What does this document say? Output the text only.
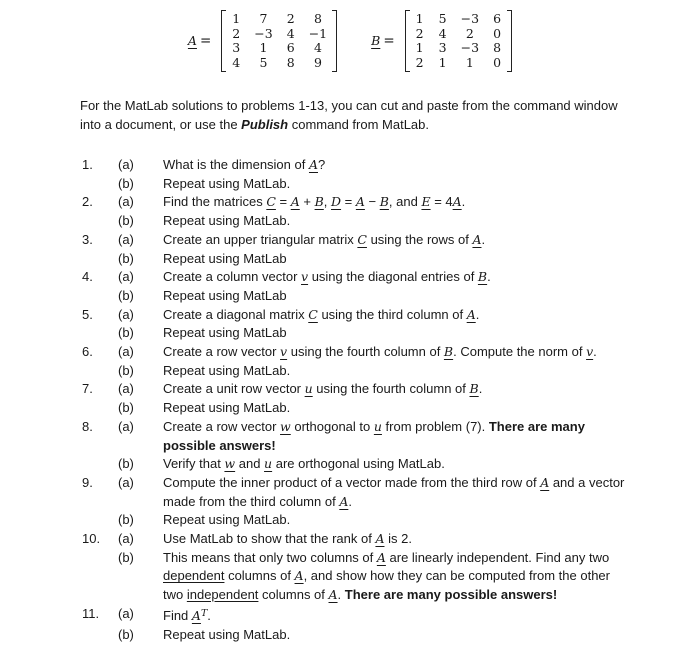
A =
1	7	2	8
2 −3 4 −1
3	1	6	4
4	5	8	9
B =
1 5 −3 6
2 4	2	0
1 3 −3 8
2 1	1	0

For the MatLab solutions to problems 1-13, you can cut and paste from the command window into a document, or use the Publish command from MatLab.

1.	(a)	What is the dimension of A?
(b)	Repeat using MatLab.
2.	(a)	Find the matrices C = A + B, D = A − B, and E = 4A.
(b)	Repeat using MatLab.
3.	(a)	Create an upper triangular matrix C using the rows of A.
(b)	Repeat using MatLab
4.	(a)	Create a column vector v using the diagonal entries of B.
(b)	Repeat using MatLab
5.	(a)	Create a diagonal matrix C using the third column of A.
(b)	Repeat using MatLab
6.	(a)	Create a row vector v using the fourth column of B. Compute the norm of v.
(b)	Repeat using MatLab.
7.	(a)	Create a unit row vector u using the fourth column of B.
(b)	Repeat using MatLab.
8.	(a)	Create a row vector w orthogonal to u from problem (7). There are many possible answers!
(b)	Verify that w and u are orthogonal using MatLab.
9.	(a)	Compute the inner product of a vector made from the third row of A and a vector made from the third column of A.
(b)	Repeat using MatLab.
10.	(a)	Use MatLab to show that the rank of A is 2.
(b)	This means that only two columns of A are linearly independent. Find any two dependent columns of A, and show how they can be computed from the other two independent columns of A. There are many possible answers!
11.	(a)	Find $A^T$.
(b)	Repeat using MatLab.
